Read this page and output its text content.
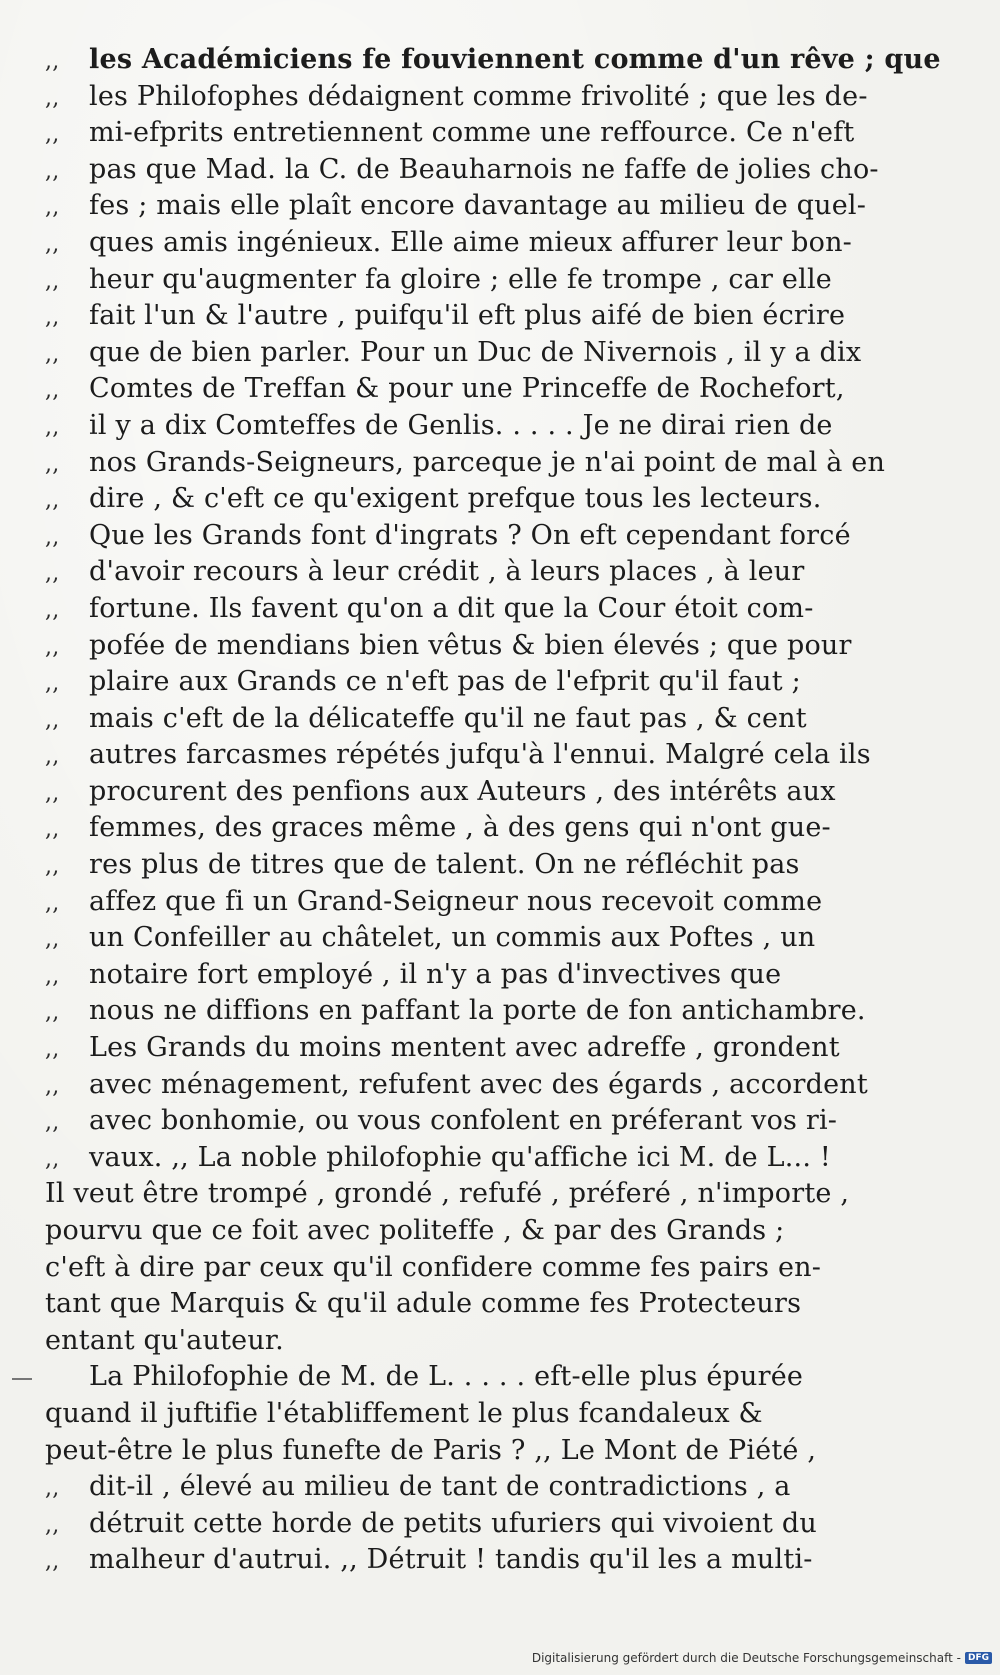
,, les Académiciens fe fouviennent comme d'un rêve ; que
,, les Philofophes dédaignent comme frivolité ; que les de-
,, mi-efprits entretiennent comme une reffource. Ce n'eft
,, pas que Mad. la C. de Beauharnois ne faffe de jolies cho-
,, fes ; mais elle plaît encore davantage au milieu de quel-
,, ques amis ingénieux. Elle aime mieux affurer leur bon-
,, heur qu'augmenter fa gloire ; elle fe trompe , car elle
,, fait l'un & l'autre , puifqu'il eft plus aifé de bien écrire
,, que de bien parler. Pour un Duc de Nivernois , il y a dix
,, Comtes de Treffan & pour une Princeffe de Rochefort,
,, il y a dix Comteffes de Genlis. . . . . Je ne dirai rien de
,, nos Grands-Seigneurs, parceque je n'ai point de mal à en
,, dire , & c'eft ce qu'exigent prefque tous les lecteurs.
,, Que les Grands font d'ingrats ? On eft cependant forcé
,, d'avoir recours à leur crédit , à leurs places , à leur
,, fortune. Ils favent qu'on a dit que la Cour étoit com-
,, pofée de mendians bien vêtus & bien élevés ; que pour
,, plaire aux Grands ce n'eft pas de l'efprit qu'il faut ;
,, mais c'eft de la délicateffe qu'il ne faut pas , & cent
,, autres farcasmes répétés jufqu'à l'ennui. Malgré cela ils
,, procurent des penfions aux Auteurs , des intérêts aux
,, femmes, des graces même , à des gens qui n'ont gue-
,, res plus de titres que de talent. On ne réfléchit pas
,, affez que fi un Grand-Seigneur nous recevoit comme
,, un Confeiller au châtelet, un commis aux Poftes , un
,, notaire fort employé , il n'y a pas d'invectives que
,, nous ne diffions en paffant la porte de fon antichambre.
,, Les Grands du moins mentent avec adreffe , grondent
,, avec ménagement, refufent avec des égards , accordent
,, avec bonhomie, ou vous confolent en préferant vos ri-
,, vaux. ,, La noble philofophie qu'affiche ici M. de L... !
Il veut être trompé , grondé , refufé , préferé , n'importe ,
pourvu que ce foit avec politeffe , & par des Grands ;
c'eft à dire par ceux qu'il confidere comme fes pairs en-
tant que Marquis & qu'il adule comme fes Protecteurs
entant qu'auteur.
La Philofophie de M. de L. . . . . eft-elle plus épurée
quand il juftifie l'établiffement le plus fcandaleux &
peut-être le plus funefte de Paris ? ,, Le Mont de Piété ,
,, dit-il , élevé au milieu de tant de contradictions , a
,, détruit cette horde de petits ufuriers qui vivoient du
,, malheur d'autrui. ,, Détruit ! tandis qu'il les a multi-
Digitalisierung gefördert durch die Deutsche Forschungsgemeinschaft - DFG
